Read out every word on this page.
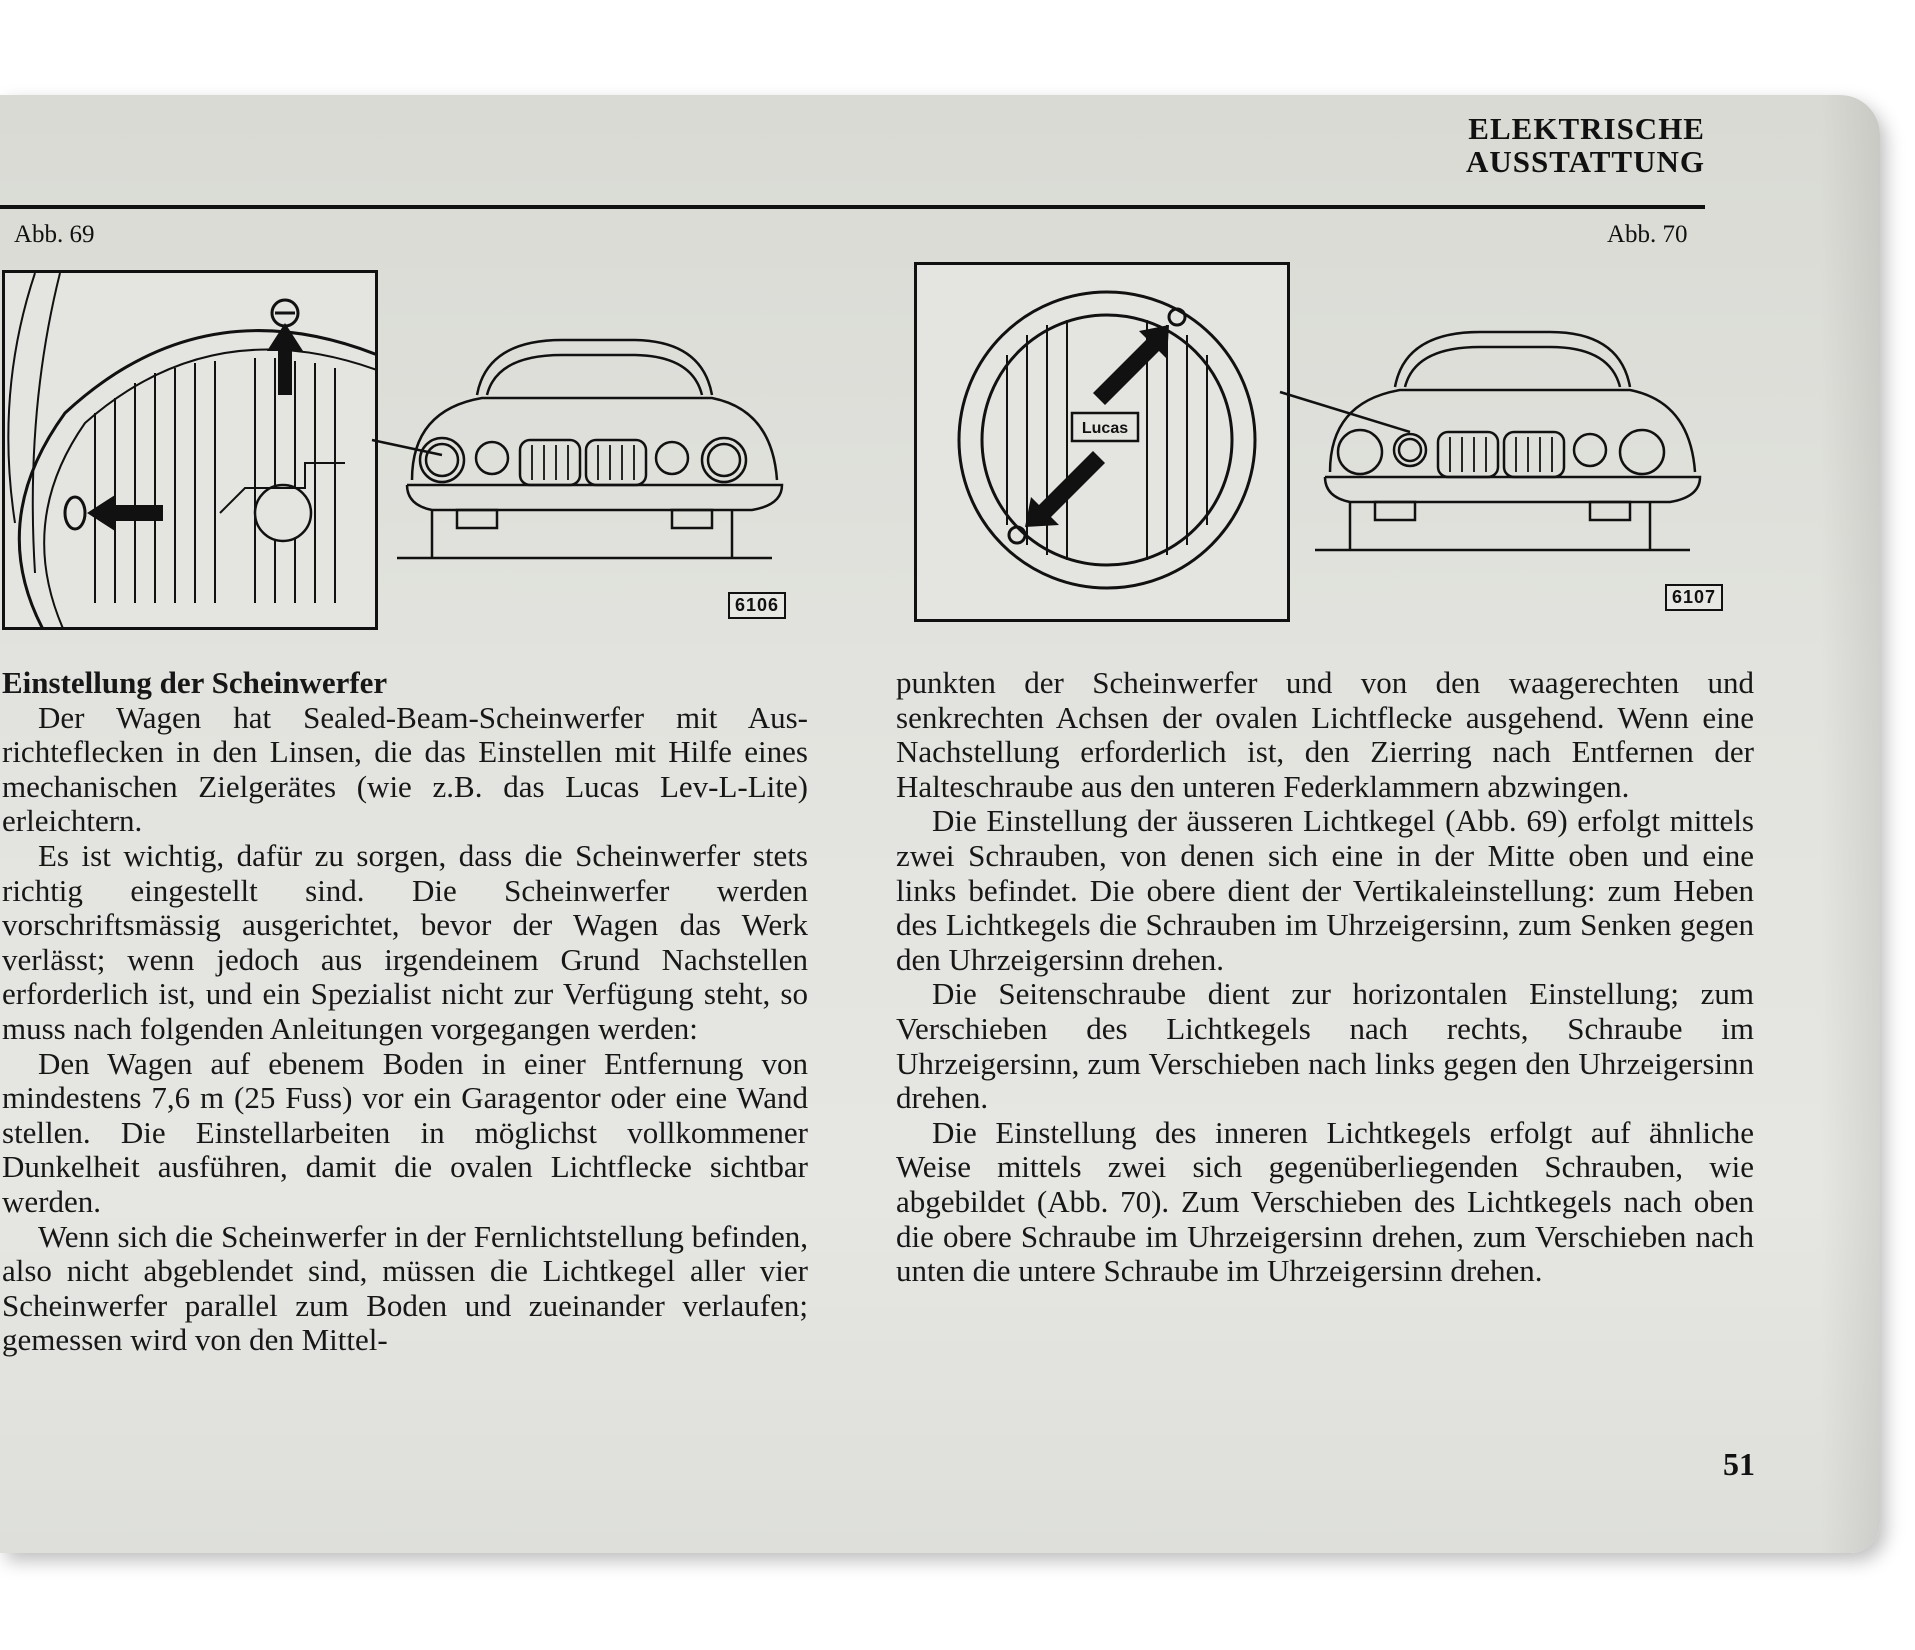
ELEKTRISCHE
AUSSTATTUNG
Abb. 69	Abb. 70
6106
Lucas
6107

Einstellung der Scheinwerfer

Der Wagen hat Sealed-Beam-Scheinwerfer mit Aus-richteflecken in den Linsen, die das Einstellen mit Hilfe eines mechanischen Zielgerätes (wie z.B. das Lucas Lev-L-Lite) erleichtern.

Es ist wichtig, dafür zu sorgen, dass die Scheinwerfer stets richtig eingestellt sind. Die Scheinwerfer werden vorschriftsmässig ausgerichtet, bevor der Wagen das Werk verlässt; wenn jedoch aus irgendeinem Grund Nachstellen erforderlich ist, und ein Spezialist nicht zur Verfügung steht, so muss nach folgenden Anleitungen vorgegangen werden:

Den Wagen auf ebenem Boden in einer Entfernung von mindestens 7,6 m (25 Fuss) vor ein Garagentor oder eine Wand stellen. Die Einstellarbeiten in möglichst vollkommener Dunkelheit ausführen, damit die ovalen Lichtflecke sichtbar werden.

Wenn sich die Scheinwerfer in der Fernlichtstellung befinden, also nicht abgeblendet sind, müssen die Lichtkegel aller vier Scheinwerfer parallel zum Boden und zueinander verlaufen; gemessen wird von den Mittel-

punkten der Scheinwerfer und von den waagerechten und senkrechten Achsen der ovalen Lichtflecke ausgehend. Wenn eine Nachstellung erforderlich ist, den Zierring nach Entfernen der Halteschraube aus den unteren Federklammern abzwingen.

Die Einstellung der äusseren Lichtkegel (Abb. 69) erfolgt mittels zwei Schrauben, von denen sich eine in der Mitte oben und eine links befindet. Die obere dient der Vertikaleinstellung: zum Heben des Lichtkegels die Schrauben im Uhrzeigersinn, zum Senken gegen den Uhrzeigersinn drehen.

Die Seitenschraube dient zur horizontalen Einstellung; zum Verschieben des Lichtkegels nach rechts, Schraube im Uhrzeigersinn, zum Verschieben nach links gegen den Uhrzeigersinn drehen.

Die Einstellung des inneren Lichtkegels erfolgt auf ähnliche Weise mittels zwei sich gegenüberliegenden Schrauben, wie abgebildet (Abb. 70). Zum Verschieben des Lichtkegels nach oben die obere Schraube im Uhrzeigersinn drehen, zum Verschieben nach unten die untere Schraube im Uhrzeigersinn drehen.

51
